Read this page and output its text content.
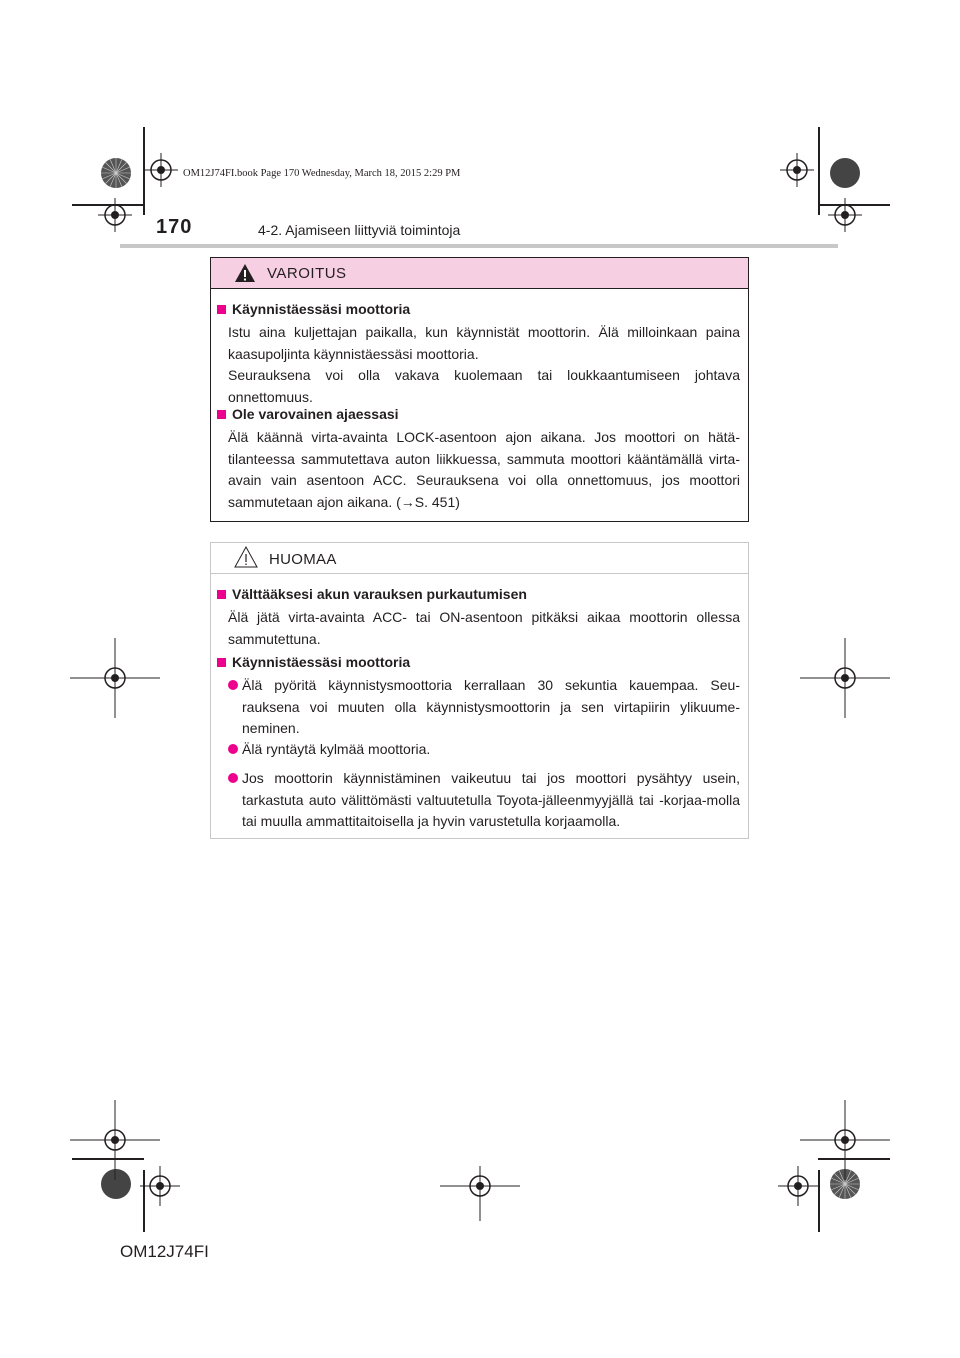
OM12J74FI.book Page 170 Wednesday, March 18, 2015 2:29 PM
170	4-2. Ajamiseen liittyviä toimintoja
VAROITUS
Käynnistäessäsi moottoria
Istu aina kuljettajan paikalla, kun käynnistät moottorin. Älä milloinkaan paina kaasupoljinta käynnistäessäsi moottoria.
Seurauksena voi olla vakava kuolemaan tai loukkaantumiseen johtava onnettomuus.
Ole varovainen ajaessasi
Älä käännä virta-avainta LOCK-asentoon ajon aikana. Jos moottori on hätä-tilanteessa sammutettava auton liikkuessa, sammuta moottori kääntämällä virta-avain vain asentoon ACC. Seurauksena voi olla onnettomuus, jos moottori sammutetaan ajon aikana. (→S. 451)
HUOMAA
Välttääksesi akun varauksen purkautumisen
Älä jätä virta-avainta ACC- tai ON-asentoon pitkäksi aikaa moottorin ollessa sammutettuna.
Käynnistäessäsi moottoria
Älä pyöritä käynnistysmoottoria kerrallaan 30 sekuntia kauempaa. Seu-rauksena voi muuten olla käynnistysmoottorin ja sen virtapiirin ylikuume-neminen.
Älä ryntäytä kylmää moottoria.
Jos moottorin käynnistäminen vaikeutuu tai jos moottori pysähtyy usein, tarkastuta auto välittömästi valtuutetulla Toyota-jälleenmyyjällä tai -korjaa-molla tai muulla ammattitaitoisella ja hyvin varustetulla korjaamolla.
OM12J74FI
